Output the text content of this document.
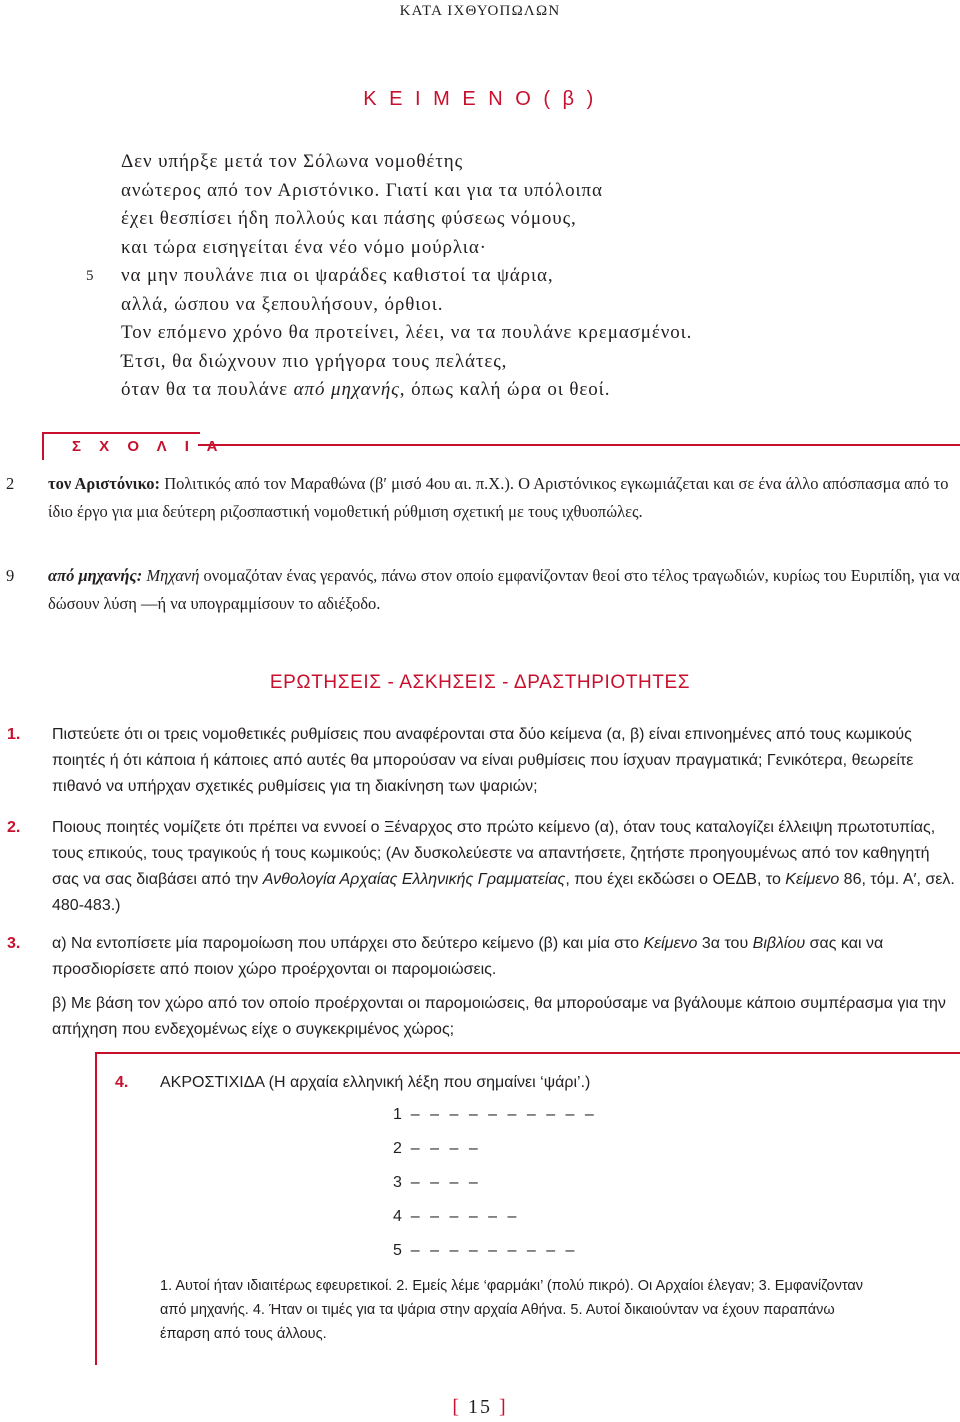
ΚΑΤΑ ΙΧΘΥΟΠΩΛΩΝ
Κ Ε Ι Μ Ε Ν Ο ( β )
Δεν υπήρξε μετά τον Σόλωνα νομοθέτης
ανώτερος από τον Αριστόνικο. Γιατί και για τα υπόλοιπα
έχει θεσπίσει ήδη πολλούς και πάσης φύσεως νόμους,
και τώρα εισηγείται ένα νέο νόμο μούρλια·
5 να μην πουλάνε πια οι ψαράδες καθιστοί τα ψάρια,
αλλά, ώσπου να ξεπουλήσουν, όρθιοι.
Τον επόμενο χρόνο θα προτείνει, λέει, να τα πουλάνε κρεμασμένοι.
Έτσι, θα διώχνουν πιο γρήγορα τους πελάτες,
όταν θα τα πουλάνε από μηχανής, όπως καλή ώρα οι θεοί.
Σ Χ Ο Λ Ι Α
2 τον Αριστόνικο: Πολιτικός από τον Μαραθώνα (β′ μισό 4ου αι. π.Χ.). Ο Αριστόνικος εγκωμιάζεται και σε ένα άλλο απόσπασμα από το ίδιο έργο για μια δεύτερη ριζοσπαστική νομοθετική ρύθμιση σχετική με τους ιχθυοπώλες.
9 από μηχανής: Μηχανή ονομαζόταν ένας γερανός, πάνω στον οποίο εμφανίζονταν θεοί στο τέλος τραγωδιών, κυρίως του Ευριπίδη, για να δώσουν λύση —ή να υπογραμμίσουν το αδιέξοδο.
ΕΡΩΤΗΣΕΙΣ - ΑΣΚΗΣΕΙΣ - ΔΡΑΣΤΗΡΙΟΤΗΤΕΣ
1. Πιστεύετε ότι οι τρεις νομοθετικές ρυθμίσεις που αναφέρονται στα δύο κείμενα (α, β) είναι επινοημένες από τους κωμικούς ποιητές ή ότι κάποια ή κάποιες από αυτές θα μπορούσαν να είναι ρυθμίσεις που ίσχυαν πραγματικά; Γενικότερα, θεωρείτε πιθανό να υπήρχαν σχετικές ρυθμίσεις για τη διακίνηση των ψαριών;
2. Ποιους ποιητές νομίζετε ότι πρέπει να εννοεί ο Ξέναρχος στο πρώτο κείμενο (α), όταν τους καταλογίζει έλλειψη πρωτοτυπίας, τους επικούς, τους τραγικούς ή τους κωμικούς; (Αν δυσκολεύεστε να απαντήσετε, ζητήστε προηγουμένως από τον καθηγητή σας να σας διαβάσει από την Ανθολογία Αρχαίας Ελληνικής Γραμματείας, που έχει εκδώσει ο ΟΕΔΒ, το Κείμενο 86, τόμ. Α′, σελ. 480-483.)
3. α) Να εντοπίσετε μία παρομοίωση που υπάρχει στο δεύτερο κείμενο (β) και μία στο Κείμενο 3α του Βιβλίου σας και να προσδιορίσετε από ποιον χώρο προέρχονται οι παρομοιώσεις.
β) Με βάση τον χώρο από τον οποίο προέρχονται οι παρομοιώσεις, θα μπορούσαμε να βγάλουμε κάποιο συμπέρασμα για την απήχηση που ενδεχομένως είχε ο συγκεκριμένος χώρος;
4. ΑΚΡΟΣΤΙΧΙΔΑ (Η αρχαία ελληνική λέξη που σημαίνει ‘ψάρι’.)
1 – – – – – – – – – –
2 – – – –
3 – – – –
4 – – – – – –
5 – – – – – – – – –
1. Αυτοί ήταν ιδιαιτέρως εφευρετικοί. 2. Εμείς λέμε ‘φαρμάκι’ (πολύ πικρό). Οι Αρχαίοι έλεγαν; 3. Εμφανίζονταν από μηχανής. 4. Ήταν οι τιμές για τα ψάρια στην αρχαία Αθήνα. 5. Αυτοί δικαιούνταν να έχουν παραπάνω έπαρση από τους άλλους.
[ 15 ]
